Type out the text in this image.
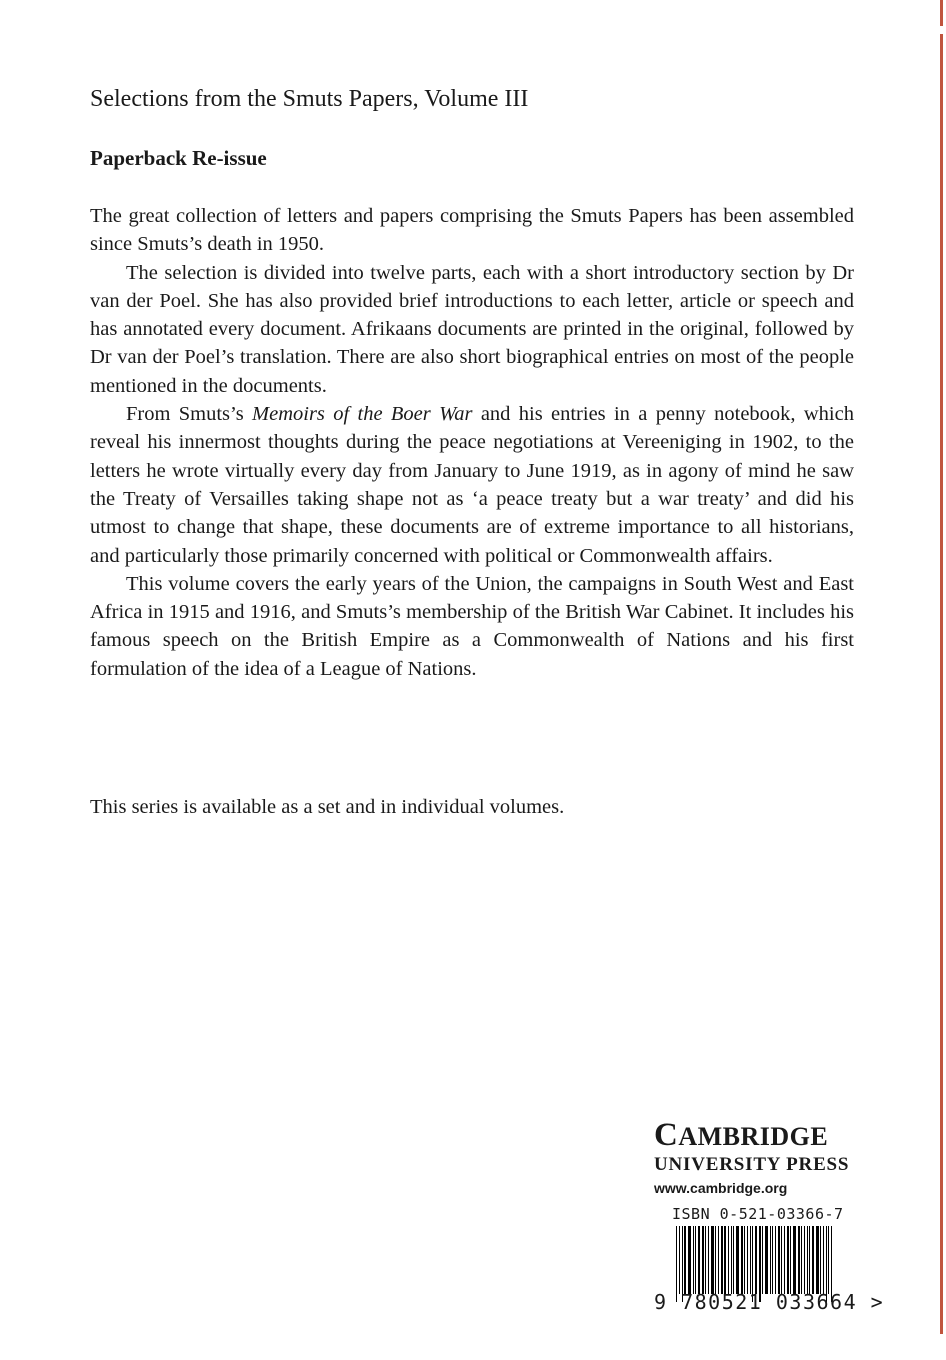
Selections from the Smuts Papers, Volume III
Paperback Re-issue

The great collection of letters and papers comprising the Smuts Papers has been assembled since Smuts’s death in 1950.

The selection is divided into twelve parts, each with a short introductory section by Dr van der Poel. She has also provided brief introductions to each letter, article or speech and has annotated every document. Afrikaans documents are printed in the original, followed by Dr van der Poel’s translation. There are also short biographical entries on most of the people mentioned in the documents.

From Smuts’s Memoirs of the Boer War and his entries in a penny notebook, which reveal his innermost thoughts during the peace negotiations at Vereeniging in 1902, to the letters he wrote virtually every day from January to June 1919, as in agony of mind he saw the Treaty of Versailles taking shape not as ‘a peace treaty but a war treaty’ and did his utmost to change that shape, these documents are of extreme importance to all historians, and particularly those primarily concerned with political or Commonwealth affairs.

This volume covers the early years of the Union, the campaigns in South West and East Africa in 1915 and 1916, and Smuts’s membership of the British War Cabinet. It includes his famous speech on the British Empire as a Commonwealth of Nations and his first formulation of the idea of a League of Nations.

This series is available as a set and in individual volumes.
CAMBRIDGE
UNIVERSITY PRESS
www.cambridge.org
ISBN 0-521-03366-7
9 780521 033664 >
